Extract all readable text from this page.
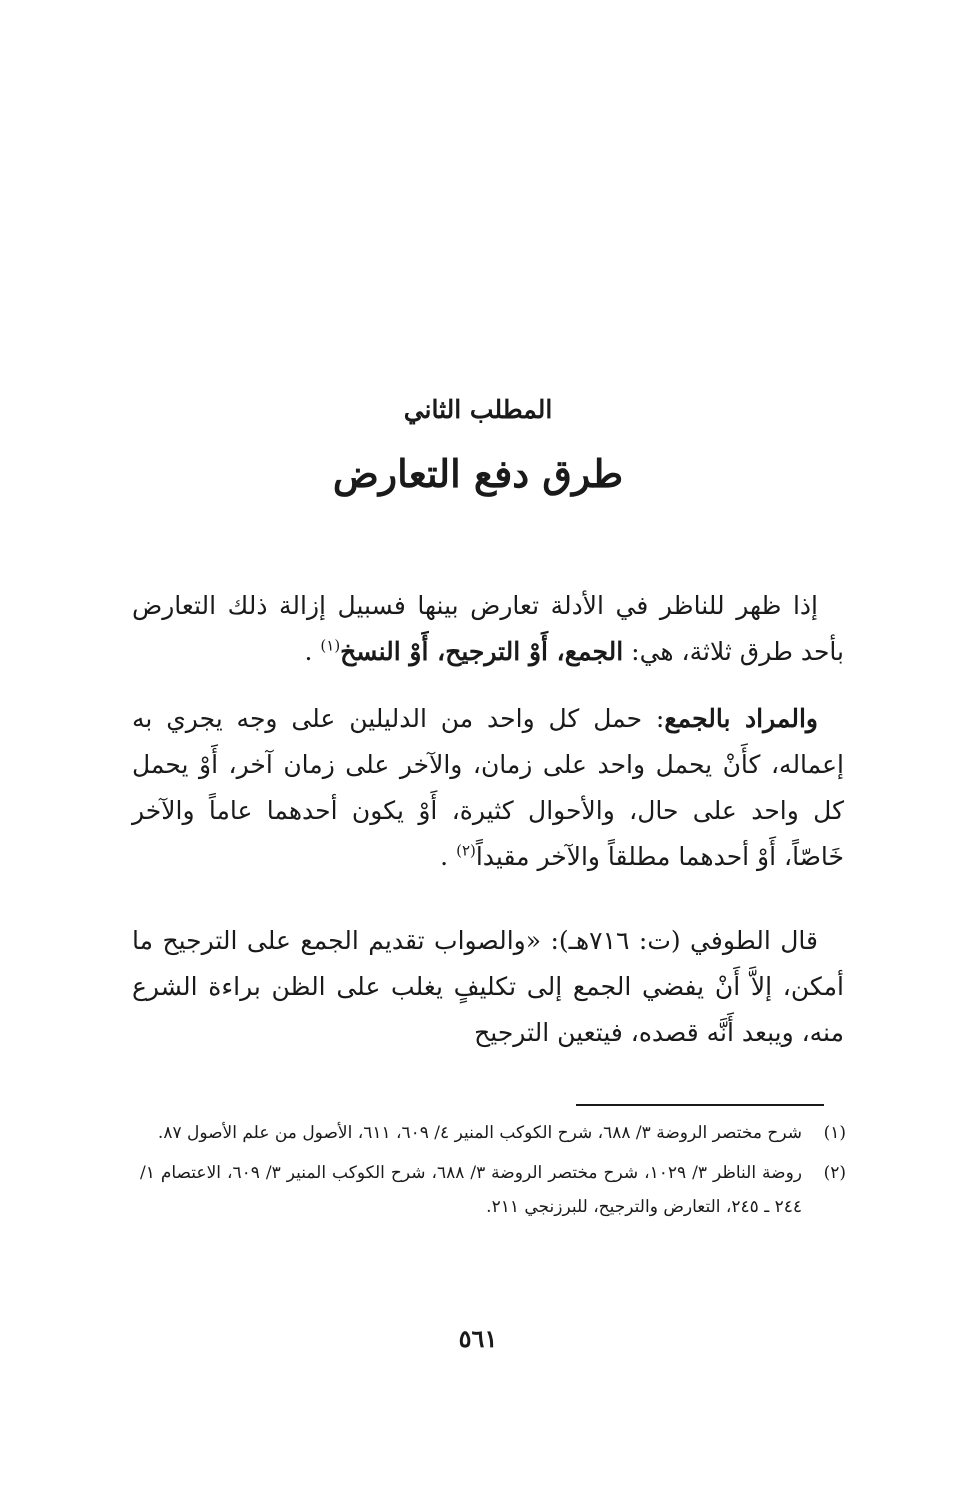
المطلب الثاني
طرق دفع التعارض
إذا ظهر للناظر في الأدلة تعارض بينها فسبيل إزالة ذلك التعارض بأحد طرق ثلاثة، هي: الجمع، أَوْ الترجيح، أَوْ النسخ$^{(١)}$ .
والمراد بالجمع: حمل كل واحد من الدليلين على وجه يجري به إعماله، كأَنْ يحمل واحد على زمان، والآخر على زمان آخر، أَوْ يحمل كل واحد على حال، والأحوال كثيرة، أَوْ يكون أحدهما عاماً والآخر خَاصّاً، أَوْ أحدهما مطلقاً والآخر مقيداً$^{(٢)}$ .
قال الطوفي (ت: ٧١٦هـ): «والصواب تقديم الجمع على الترجيح ما أمكن، إلاَّ أَنْ يفضي الجمع إلى تكليفٍ يغلب على الظن براءة الشرع منه، ويبعد أَنَّه قصده، فيتعين الترجيح
(١)
شرح مختصر الروضة ٣/ ٦٨٨، شرح الكوكب المنير ٤/ ٦٠٩، ٦١١، الأصول من علم الأصول ٨٧.
(٢)
روضة الناظر ٣/ ١٠٢٩، شرح مختصر الروضة ٣/ ٦٨٨، شرح الكوكب المنير ٣/ ٦٠٩، الاعتصام ١/ ٢٤٤ ـ ٢٤٥، التعارض والترجيح، للبرزنجي ٢١١.
٥٦١
